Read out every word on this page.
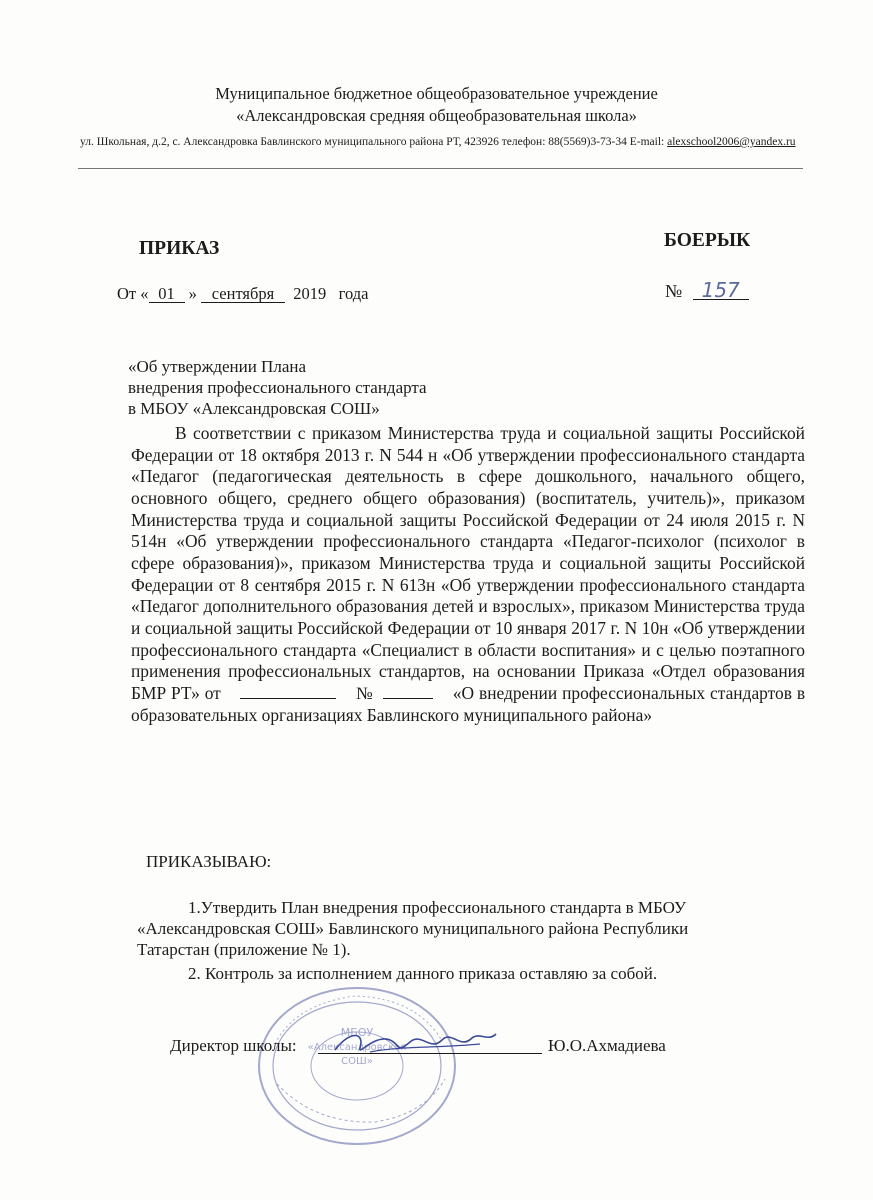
Муниципальное бюджетное общеобразовательное учреждение
«Александровская средняя общеобразовательная школа»
ул. Школьная, д.2, с. Александровка Бавлинского муниципального района РТ, 423926 телефон: 88(5569)3-73-34 E-mail: alexschool2006@yandex.ru
ПРИКАЗ	БОЕРЫК
От « 01 » сентября 2019 года	№ 157
«Об утверждении Плана
внедрения профессионального стандарта
в МБОУ «Александровская СОШ»

В соответствии с приказом Министерства труда и социальной защиты Российской Федерации от 18 октября 2013 г. N 544 н «Об утверждении профессионального стандарта «Педагог (педагогическая деятельность в сфере дошкольного, начального общего, основного общего, среднего общего образования) (воспитатель, учитель)», приказом Министерства труда и социальной защиты Российской Федерации от 24 июля 2015 г. N 514н «Об утверждении профессионального стандарта «Педагог-психолог (психолог в сфере образования)», приказом Министерства труда и социальной защиты Российской Федерации от 8 сентября 2015 г. N 613н «Об утверждении профессионального стандарта «Педагог дополнительного образования детей и взрослых», приказом Министерства труда и социальной защиты Российской Федерации от 10 января 2017 г. N 10н «Об утверждении профессионального стандарта «Специалист в области воспитания» и с целью поэтапного применения профессиональных стандартов, на основании Приказа «Отдел образования БМР РТ» от	№	«О внедрении профессиональных стандартов в образовательных организациях Бавлинского муниципального района»

ПРИКАЗЫВАЮ:
1.Утвердить План внедрения профессионального стандарта в МБОУ
«Александровская СОШ» Бавлинского муниципального района Республики
Татарстан (приложение № 1).
2. Контроль за исполнением данного приказа оставляю за собой.
МБОУ
«Александровская
СОШ»
Директор школы:	Ю.О.Ахмадиева
